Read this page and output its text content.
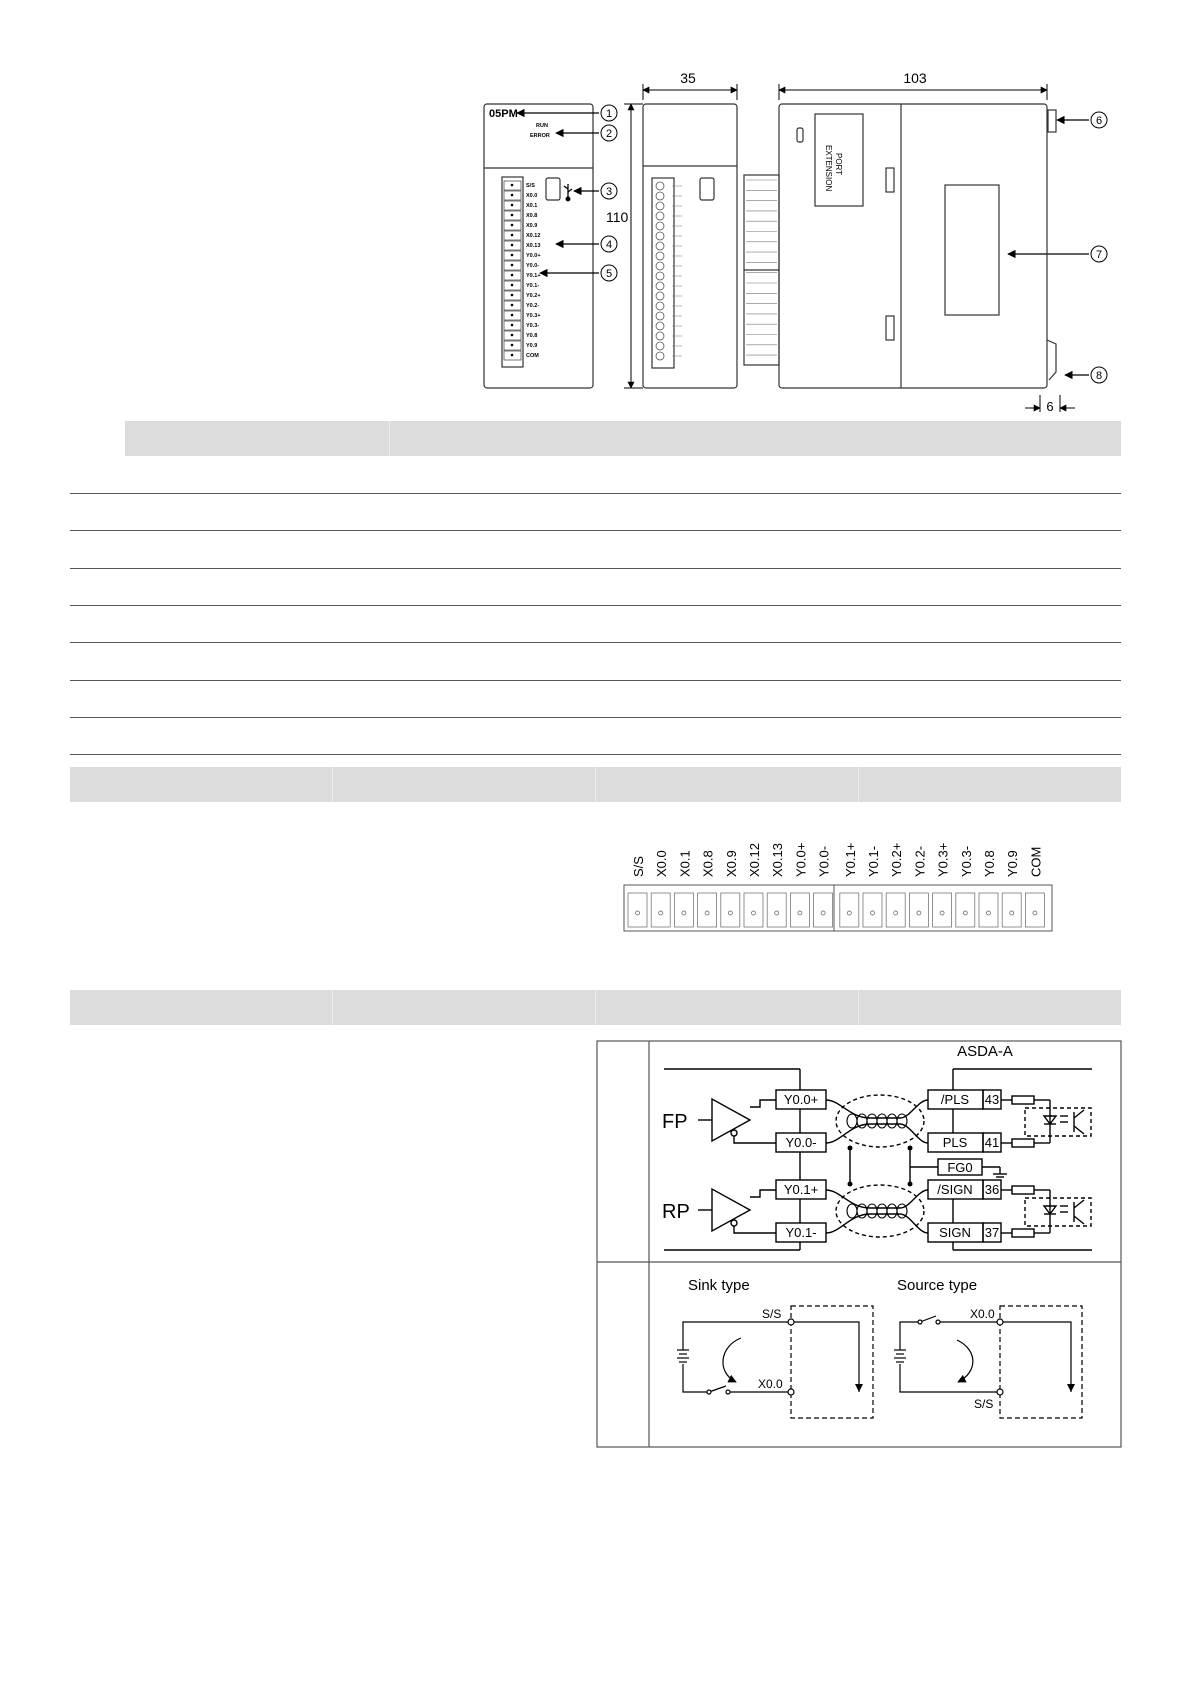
05PM
RUN
ERROR
S/S
X0.0
X0.1
X0.8
X0.9
X0.12
X0.13
Y0.0+
Y0.0-
Y0.1+
Y0.1-
Y0.2+
Y0.2-
Y0.3+
Y0.3-
Y0.8
Y0.9
COM
1
2
3
4
5
6
7
8
35
110
103
6
EXTENSION PORT
S/S X0.0 X0.1 X0.8 X0.9 X0.12 X0.13 Y0.0+ Y0.0- Y0.1+ Y0.1- Y0.2+ Y0.2- Y0.3+ Y0.3- Y0.8 Y0.9 COM
ASDA-A
FP
RP
Y0.0+
Y0.0-
Y0.1+
Y0.1-
/PLS 43
PLS 41
FG0
/SIGN 36
SIGN 37
Sink type	Source type
S/S
X0.0
X0.0
S/S
